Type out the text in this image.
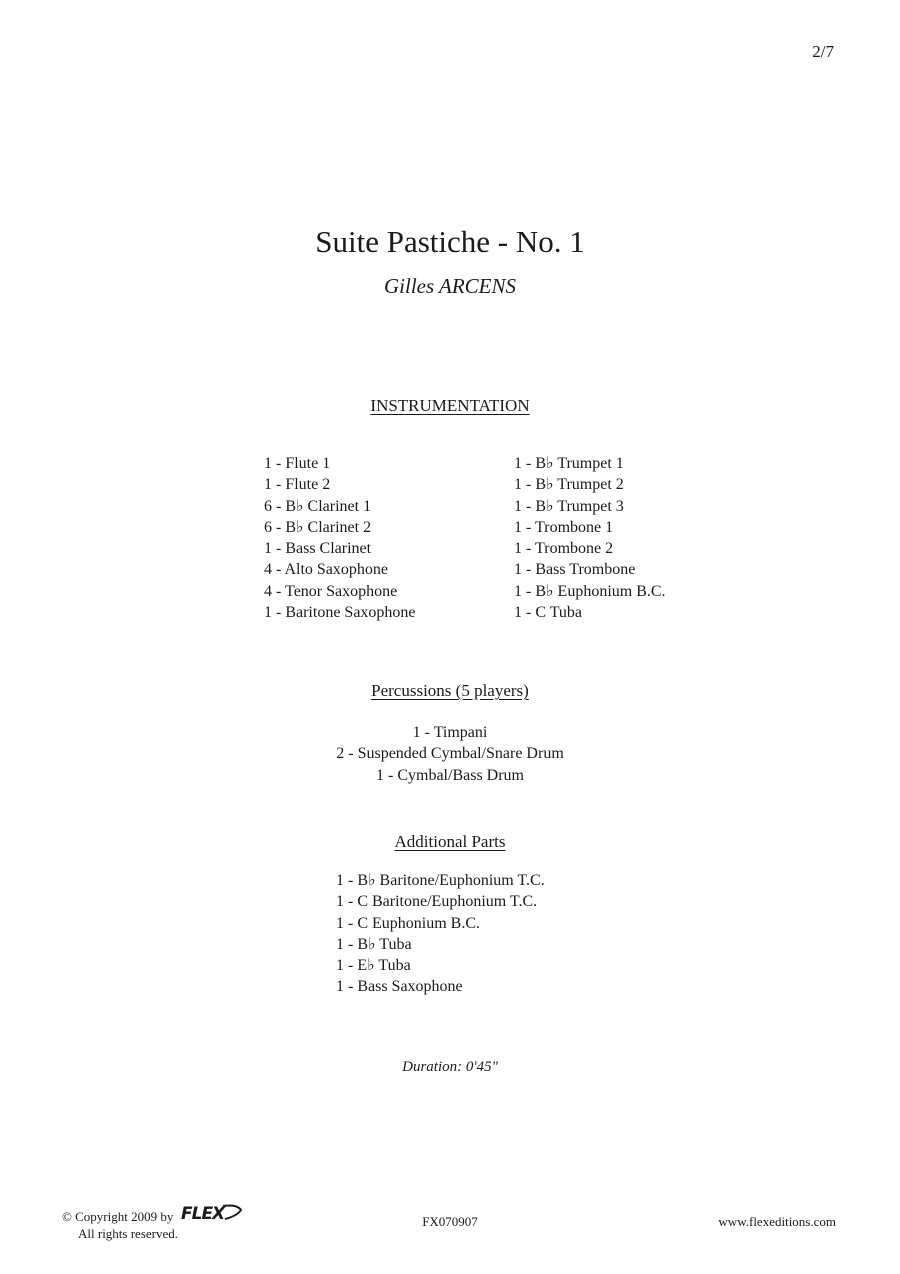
2/7
Suite Pastiche - No. 1
Gilles ARCENS
INSTRUMENTATION
1 - Flute 1
1 - Flute 2
6 - B♭ Clarinet 1
6 - B♭ Clarinet 2
1 - Bass Clarinet
4 - Alto Saxophone
4 - Tenor Saxophone
1 - Baritone Saxophone
1 - B♭ Trumpet 1
1 - B♭ Trumpet 2
1 - B♭ Trumpet 3
1 - Trombone 1
1 - Trombone 2
1 - Bass Trombone
1 - B♭ Euphonium B.C.
1 - C Tuba
Percussions (5 players)
1 - Timpani
2 - Suspended Cymbal/Snare Drum
1 - Cymbal/Bass Drum
Additional Parts
1 - B♭ Baritone/Euphonium T.C.
1 - C Baritone/Euphonium T.C.
1 - C Euphonium B.C.
1 - B♭ Tuba
1 - E♭ Tuba
1 - Bass Saxophone
Duration: 0'45"
© Copyright 2009 by FLEX
All rights reserved.
FX070907	www.flexeditions.com
